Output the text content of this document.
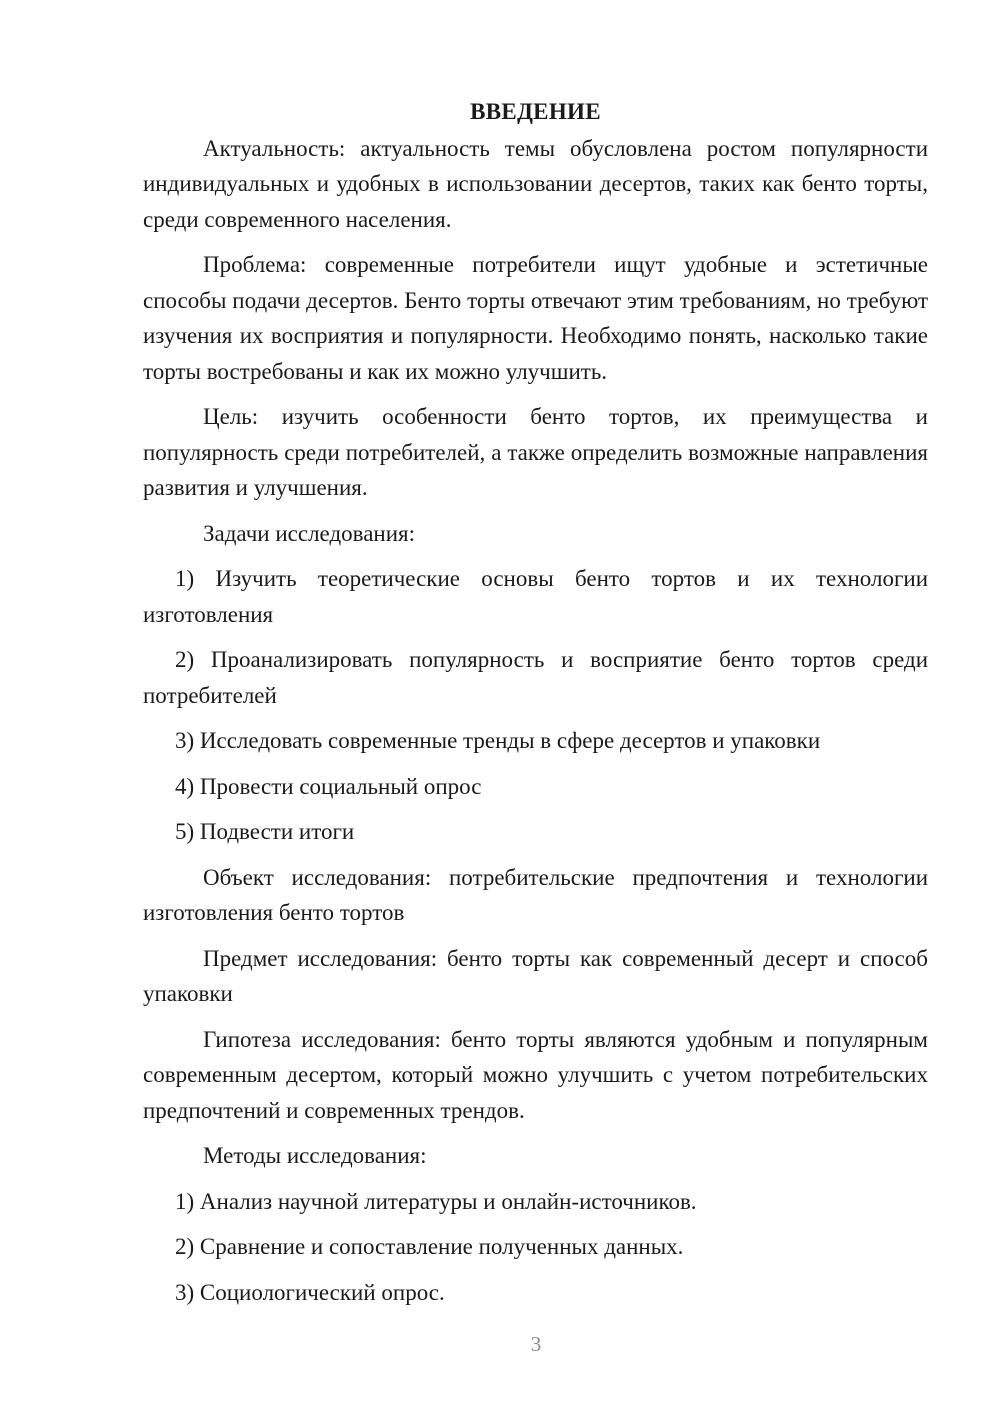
ВВЕДЕНИЕ

Актуальность: актуальность темы обусловлена ростом популярности индивидуальных и удобных в использовании десертов, таких как бенто торты, среди современного населения.

Проблема: современные потребители ищут удобные и эстетичные способы подачи десертов. Бенто торты отвечают этим требованиям, но требуют изучения их восприятия и популярности. Необходимо понять, насколько такие торты востребованы и как их можно улучшить.

Цель: изучить особенности бенто тортов, их преимущества и популярность среди потребителей, а также определить возможные направления развития и улучшения.

Задачи исследования:

1) Изучить теоретические основы бенто тортов и их технологии изготовления

2) Проанализировать популярность и восприятие бенто тортов среди потребителей

3) Исследовать современные тренды в сфере десертов и упаковки

4) Провести социальный опрос

5) Подвести итоги

Объект исследования: потребительские предпочтения и технологии изготовления бенто тортов

Предмет исследования: бенто торты как современный десерт и способ упаковки

Гипотеза исследования: бенто торты являются удобным и популярным современным десертом, который можно улучшить с учетом потребительских предпочтений и современных трендов.

Методы исследования:

1) Анализ научной литературы и онлайн-источников.

2) Сравнение и сопоставление полученных данных.

3) Социологический опрос.

3
